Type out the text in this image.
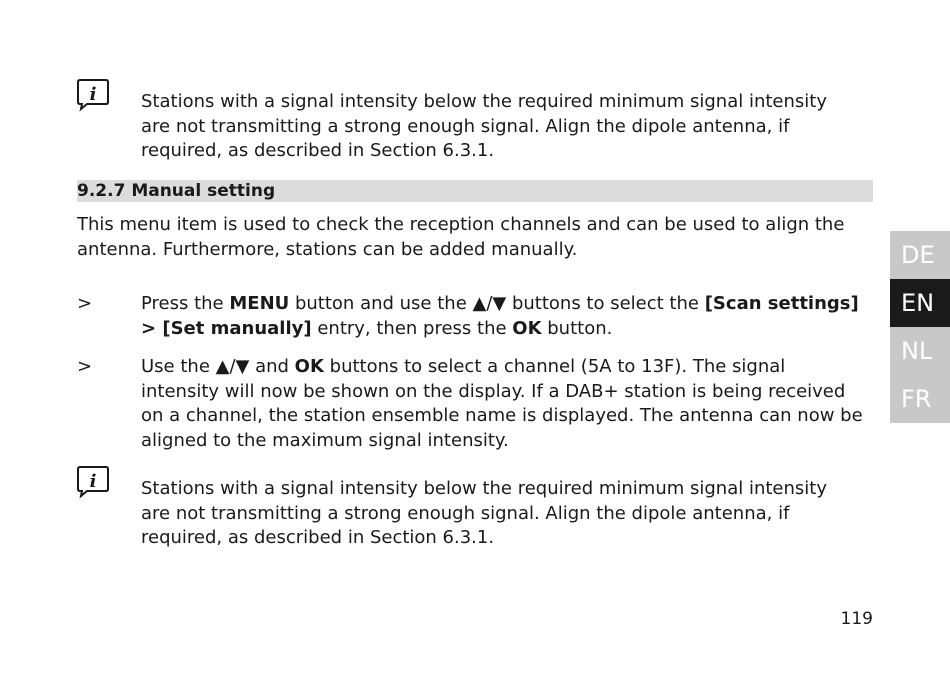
i Stations with a signal intensity below the required minimum signal intensity are not transmitting a strong enough signal. Align the dipole antenna, if required, as described in Section 6.3.1.
9.2.7 Manual setting
This menu item is used to check the reception channels and can be used to align the antenna. Furthermore, stations can be added manually.
>	Press the MENU button and use the ▲/▼ buttons to select the [Scan settings] > [Set manually] entry, then press the OK button.
>	Use the ▲/▼ and OK buttons to select a channel (5A to 13F). The signal intensity will now be shown on the display. If a DAB+ station is being received on a channel, the station ensemble name is displayed. The antenna can now be aligned to the maximum signal intensity.
i Stations with a signal intensity below the required minimum signal intensity are not transmitting a strong enough signal. Align the dipole antenna, if required, as described in Section 6.3.1.
DE
EN
NL
FR
119
